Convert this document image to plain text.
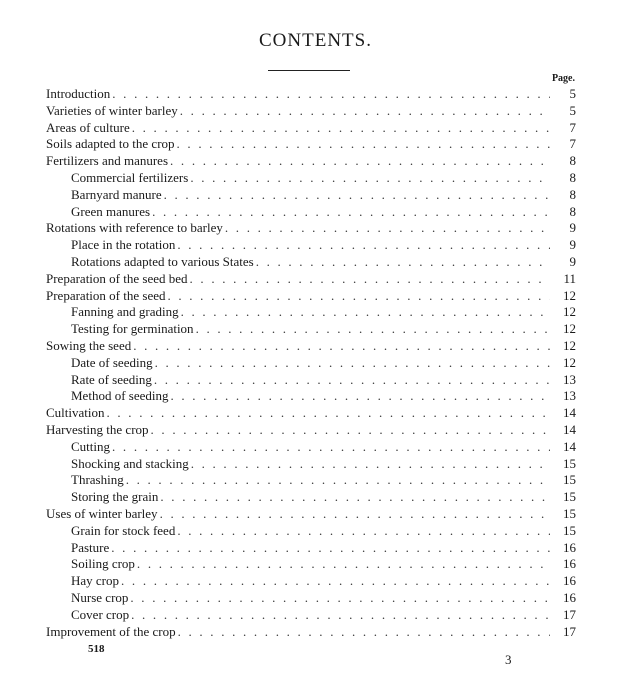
CONTENTS.
Page.
Introduction . . .	5
Varieties of winter barley . . .	5
Areas of culture . . .	7
Soils adapted to the crop . . .	7
Fertilizers and manures . . .	8
Commercial fertilizers . . .	8
Barnyard manure . . .	8
Green manures . . .	8
Rotations with reference to barley . . .	9
Place in the rotation . . .	9
Rotations adapted to various States . . .	9
Preparation of the seed bed . . .	11
Preparation of the seed . . .	12
Fanning and grading . . .	12
Testing for germination . . .	12
Sowing the seed . . .	12
Date of seeding . . .	12
Rate of seeding . . .	13
Method of seeding . . .	13
Cultivation . . .	14
Harvesting the crop . . .	14
Cutting . . .	14
Shocking and stacking . . .	15
Thrashing . . .	15
Storing the grain . . .	15
Uses of winter barley . . .	15
Grain for stock feed . . .	15
Pasture . . .	16
Soiling crop . . .	16
Hay crop . . .	16
Nurse crop . . .	16
Cover crop . . .	17
Improvement of the crop . . .	17
518
3
